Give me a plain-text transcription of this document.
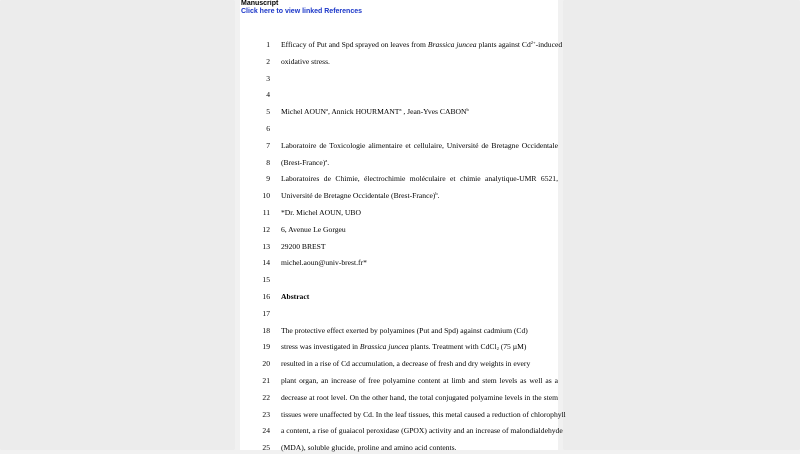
Manuscript
Click here to view linked References
1 Efficacy of Put and Spd sprayed on leaves from Brassica juncea plants against $Cd^{2+}$-induced
2 oxidative stress.
3
4
5 Michel AOUN$^a$, Annick HOURMANT$^a$ , Jean-Yves CABON$^b$
6
7 Laboratoire de Toxicologie alimentaire et cellulaire, Université de Bretagne Occidentale
8 (Brest-France)$^a$.
9 Laboratoires de Chimie, électrochimie moléculaire et chimie analytique-UMR 6521,
10 Université de Bretagne Occidentale (Brest-France)$^b$.
11 *Dr. Michel AOUN, UBO
12 6, Avenue Le Gorgeu
13 29200 BREST
14 michel.aoun@univ-brest.fr*
15
16 Abstract
17
18 The protective effect exerted by polyamines (Put and Spd) against cadmium (Cd)
19 stress was investigated in Brassica juncea plants. Treatment with CdCl$_2$ (75 µM)
20 resulted in a rise of Cd accumulation, a decrease of fresh and dry weights in every
21 plant organ, an increase of free polyamine content at limb and stem levels as well as a
22 decrease at root level. On the other hand, the total conjugated polyamine levels in the stem
23 tissues were unaffected by Cd. In the leaf tissues, this metal caused a reduction of chlorophyll
24 a content, a rise of guaiacol peroxidase (GPOX) activity and an increase of malondialdehyde
25 (MDA), soluble glucide, proline and amino acid contents.
